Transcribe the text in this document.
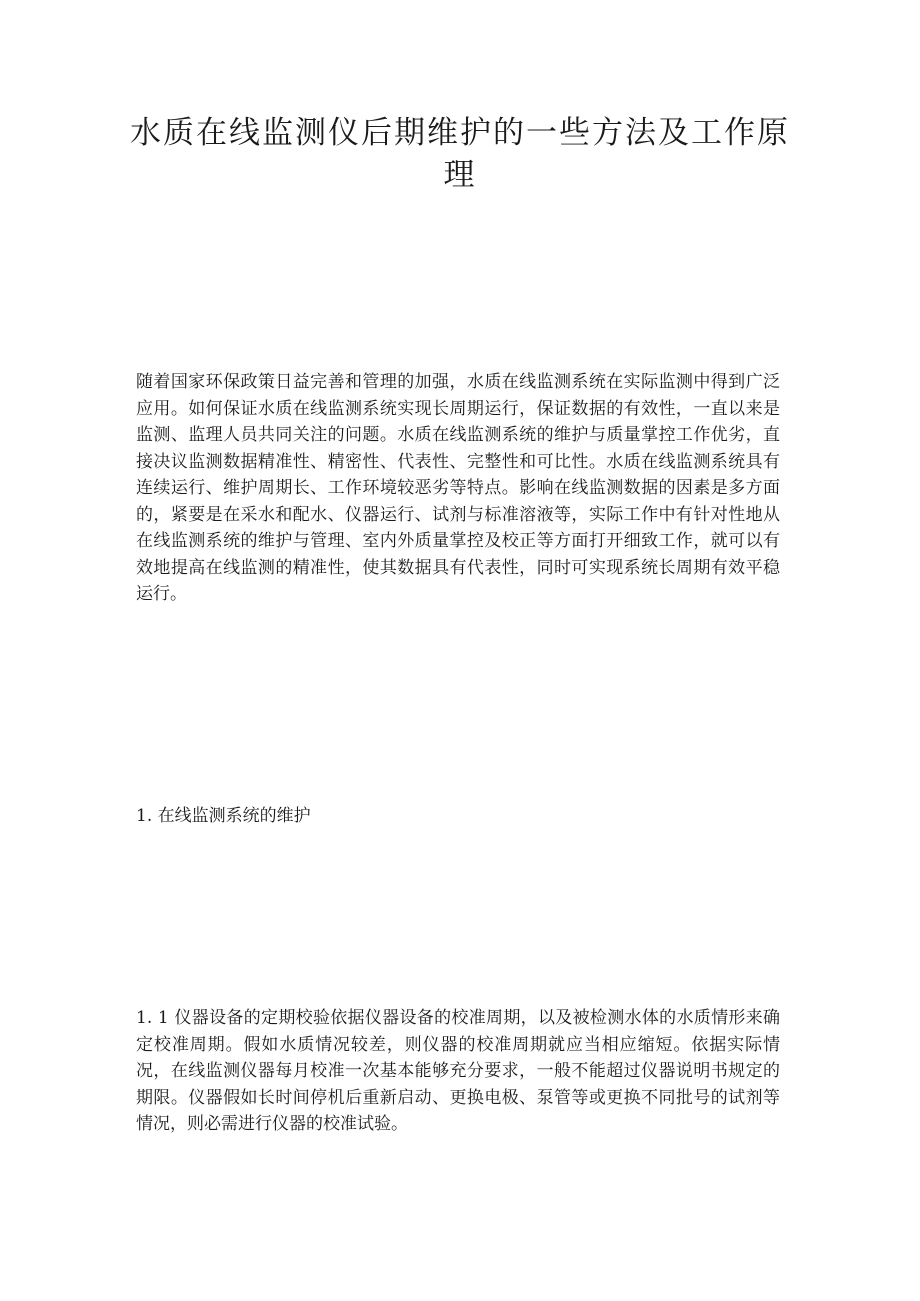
水质在线监测仪后期维护的一些方法及工作原理

随着国家环保政策日益完善和管理的加强，水质在线监测系统在实际监测中得到广泛应用。如何保证水质在线监测系统实现长周期运行，保证数据的有效性，一直以来是监测、监理人员共同关注的问题。水质在线监测系统的维护与质量掌控工作优劣，直接决议监测数据精准性、精密性、代表性、完整性和可比性。水质在线监测系统具有连续运行、维护周期长、工作环境较恶劣等特点。影响在线监测数据的因素是多方面的，紧要是在采水和配水、仪器运行、试剂与标准溶液等，实际工作中有针对性地从在线监测系统的维护与管理、室内外质量掌控及校正等方面打开细致工作，就可以有效地提高在线监测的精准性，使其数据具有代表性，同时可实现系统长周期有效平稳运行。

1. 在线监测系统的维护

1. 1 仪器设备的定期校验依据仪器设备的校准周期，以及被检测水体的水质情形来确定校准周期。假如水质情况较差，则仪器的校准周期就应当相应缩短。依据实际情况，在线监测仪器每月校准一次基本能够充分要求，一般不能超过仪器说明书规定的期限。仪器假如长时间停机后重新启动、更换电极、泵管等或更换不同批号的试剂等情况，则必需进行仪器的校准试验。
